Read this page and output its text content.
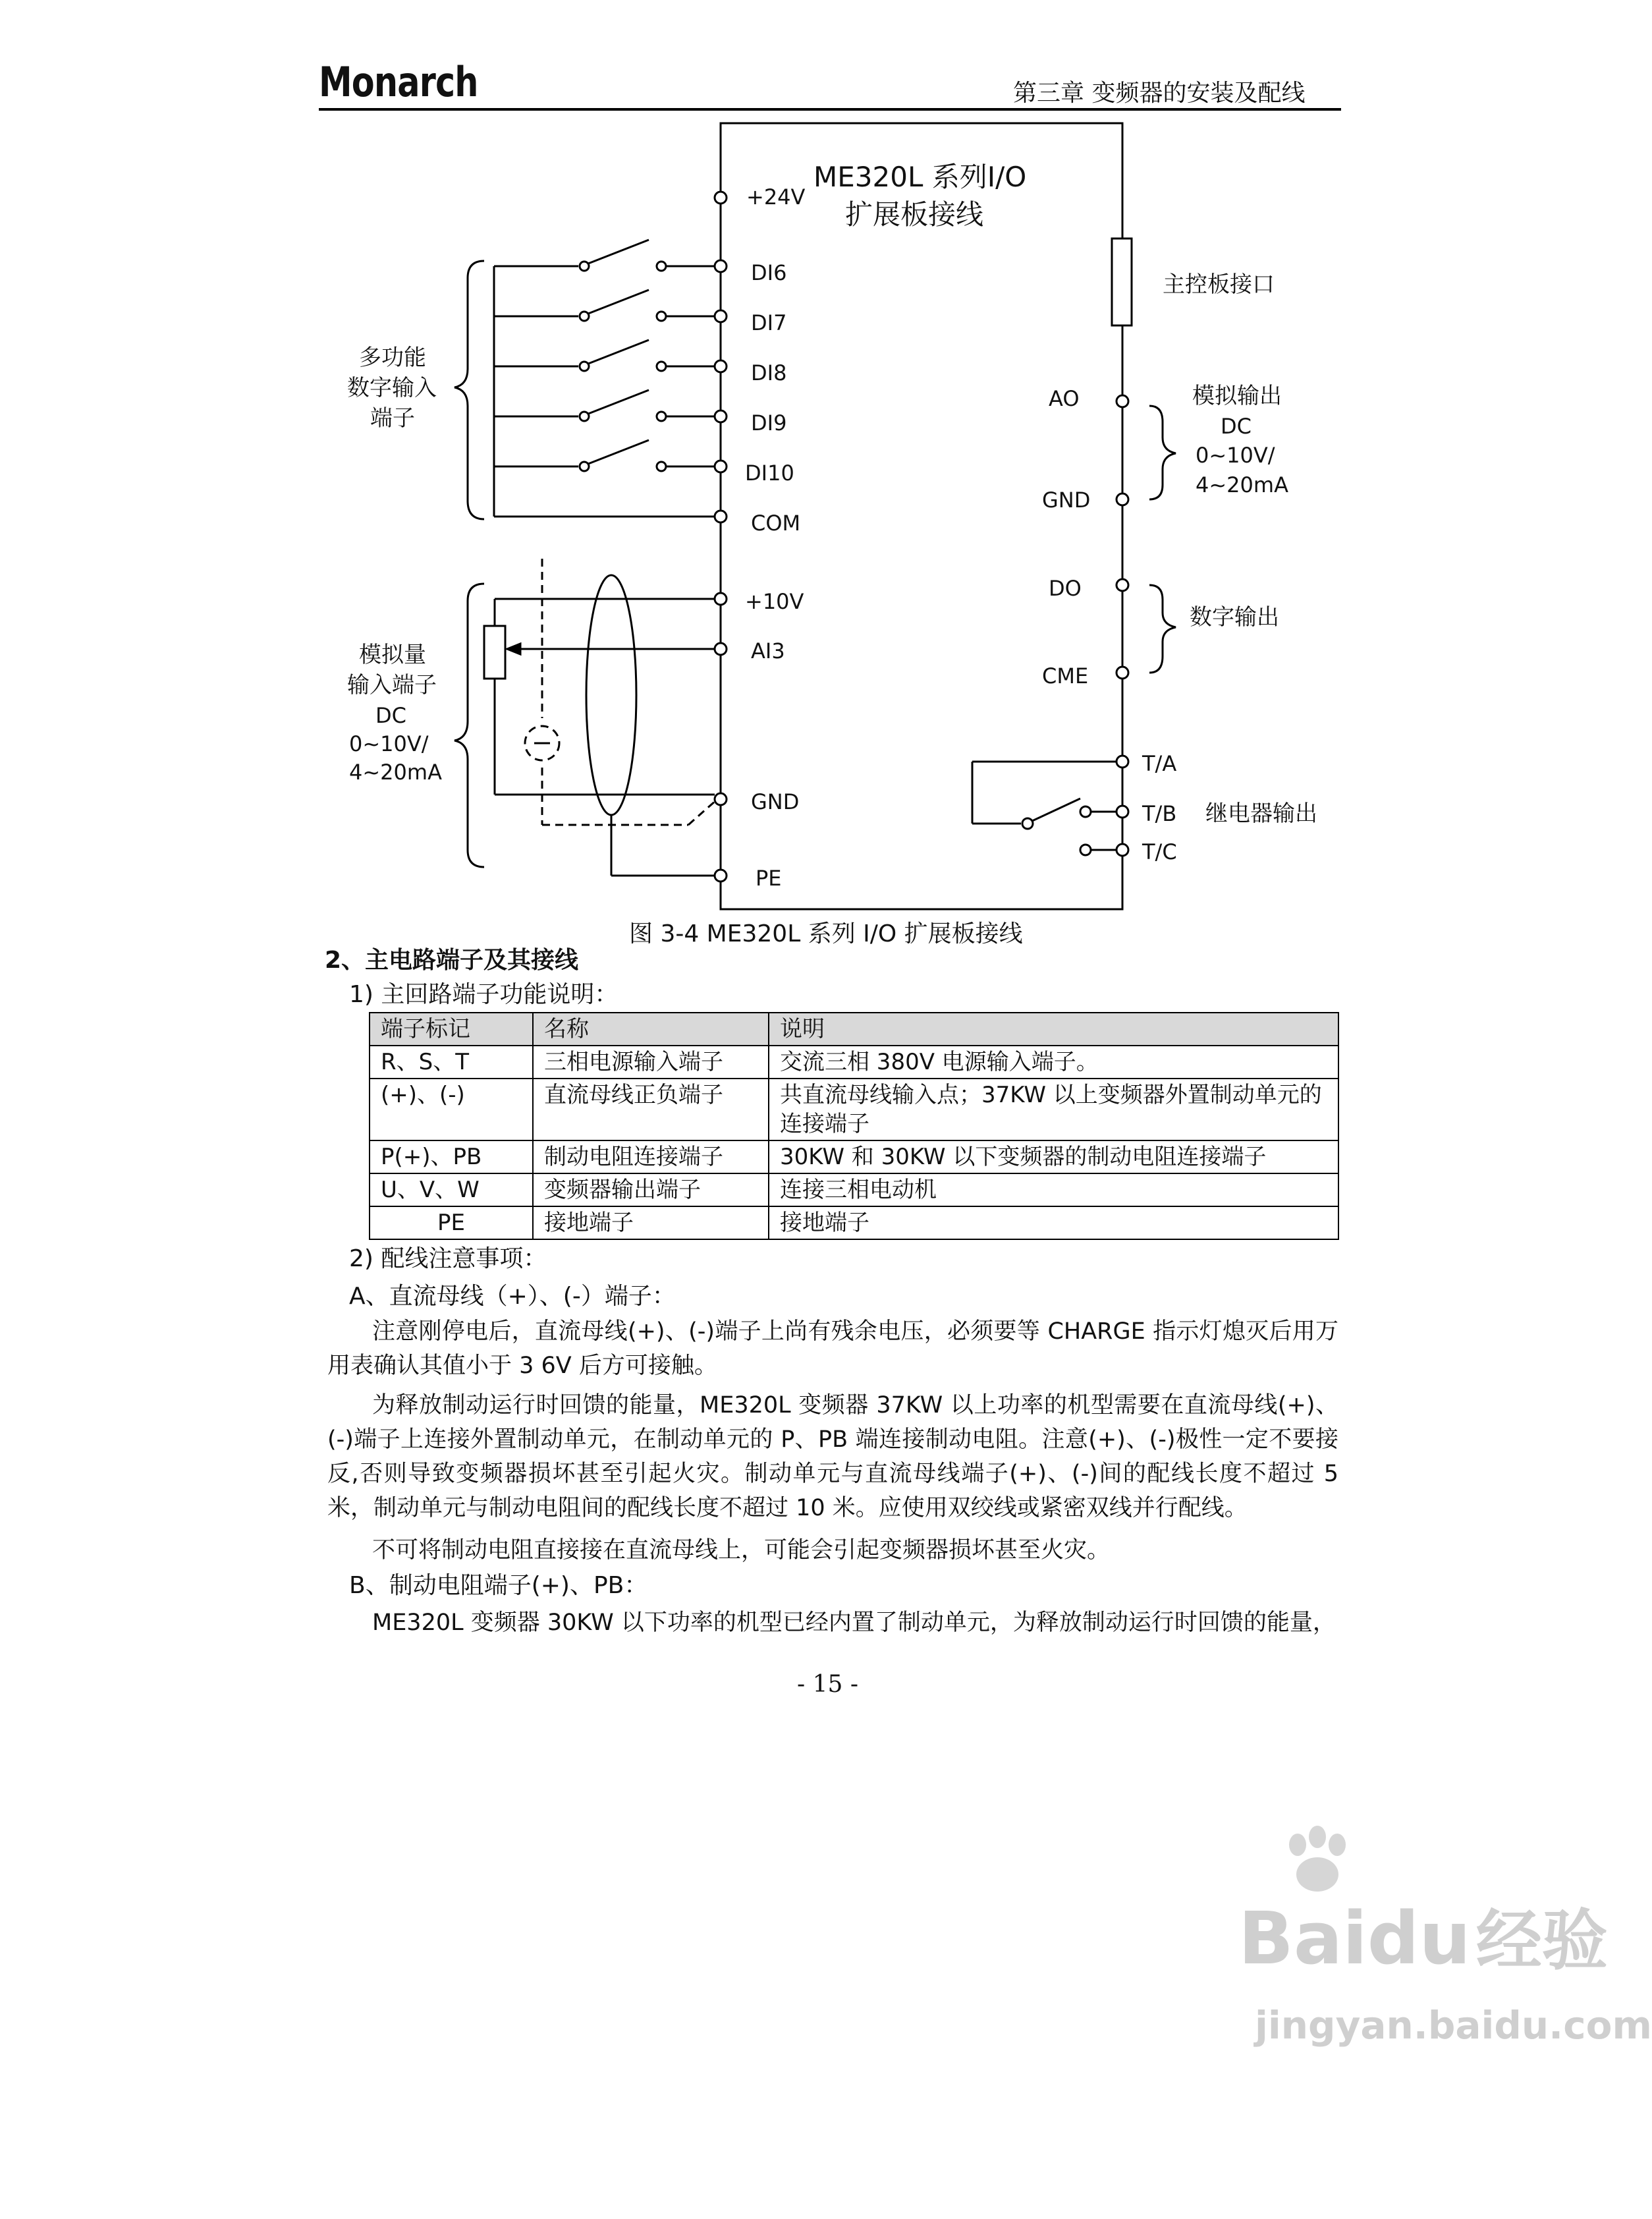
Monarch	第三章 变频器的安装及配线
ME320L 系列I/O
扩展板接线
+24V
DI6
DI7
DI8
DI9
DI10
COM
+10V
AI3
GND
PE
AO
GND
DO
CME
T/A
T/B
T/C
多功能
数字输入
端子
模拟量
输入端子
DC
0~10V/
4~20mA
主控板接口
模拟输出
DC
0~10V/
4~20mA
数字输出
继电器输出
图 3-4 ME320L 系列 I/O 扩展板接线
2、主电路端子及其接线
1) 主回路端子功能说明：
端子标记	名称	说明
R、S、T	三相电源输入端子	交流三相 380V 电源输入端子。
(+)、(-)	直流母线正负端子	共直流母线输入点；37KW 以上变频器外置制动单元的连接端子
P(+)、PB	制动电阻连接端子	30KW 和 30KW 以下变频器的制动电阻连接端子
U、V、W	变频器输出端子	连接三相电动机
PE	接地端子	接地端子
2) 配线注意事项：
A、直流母线（+）、(-）端子：
注意刚停电后，直流母线(+)、(-)端子上尚有残余电压，必须要等 CHARGE 指示灯熄灭后用万用表确认其值小于 3 6V 后方可接触。
为释放制动运行时回馈的能量，ME320L 变频器 37KW 以上功率的机型需要在直流母线(+)、(-)端子上连接外置制动单元，在制动单元的 P、PB 端连接制动电阻。注意(+)、(-)极性一定不要接反,否则导致变频器损坏甚至引起火灾。制动单元与直流母线端子(+)、(-)间的配线长度不超过 5 米，制动单元与制动电阻间的配线长度不超过 10 米。应使用双绞线或紧密双线并行配线。
不可将制动电阻直接接在直流母线上，可能会引起变频器损坏甚至火灾。
B、制动电阻端子(+)、PB：
ME320L 变频器 30KW 以下功率的机型已经内置了制动单元，为释放制动运行时回馈的能量，
- 15 -
Baidu经验
jingyan.baidu.com
